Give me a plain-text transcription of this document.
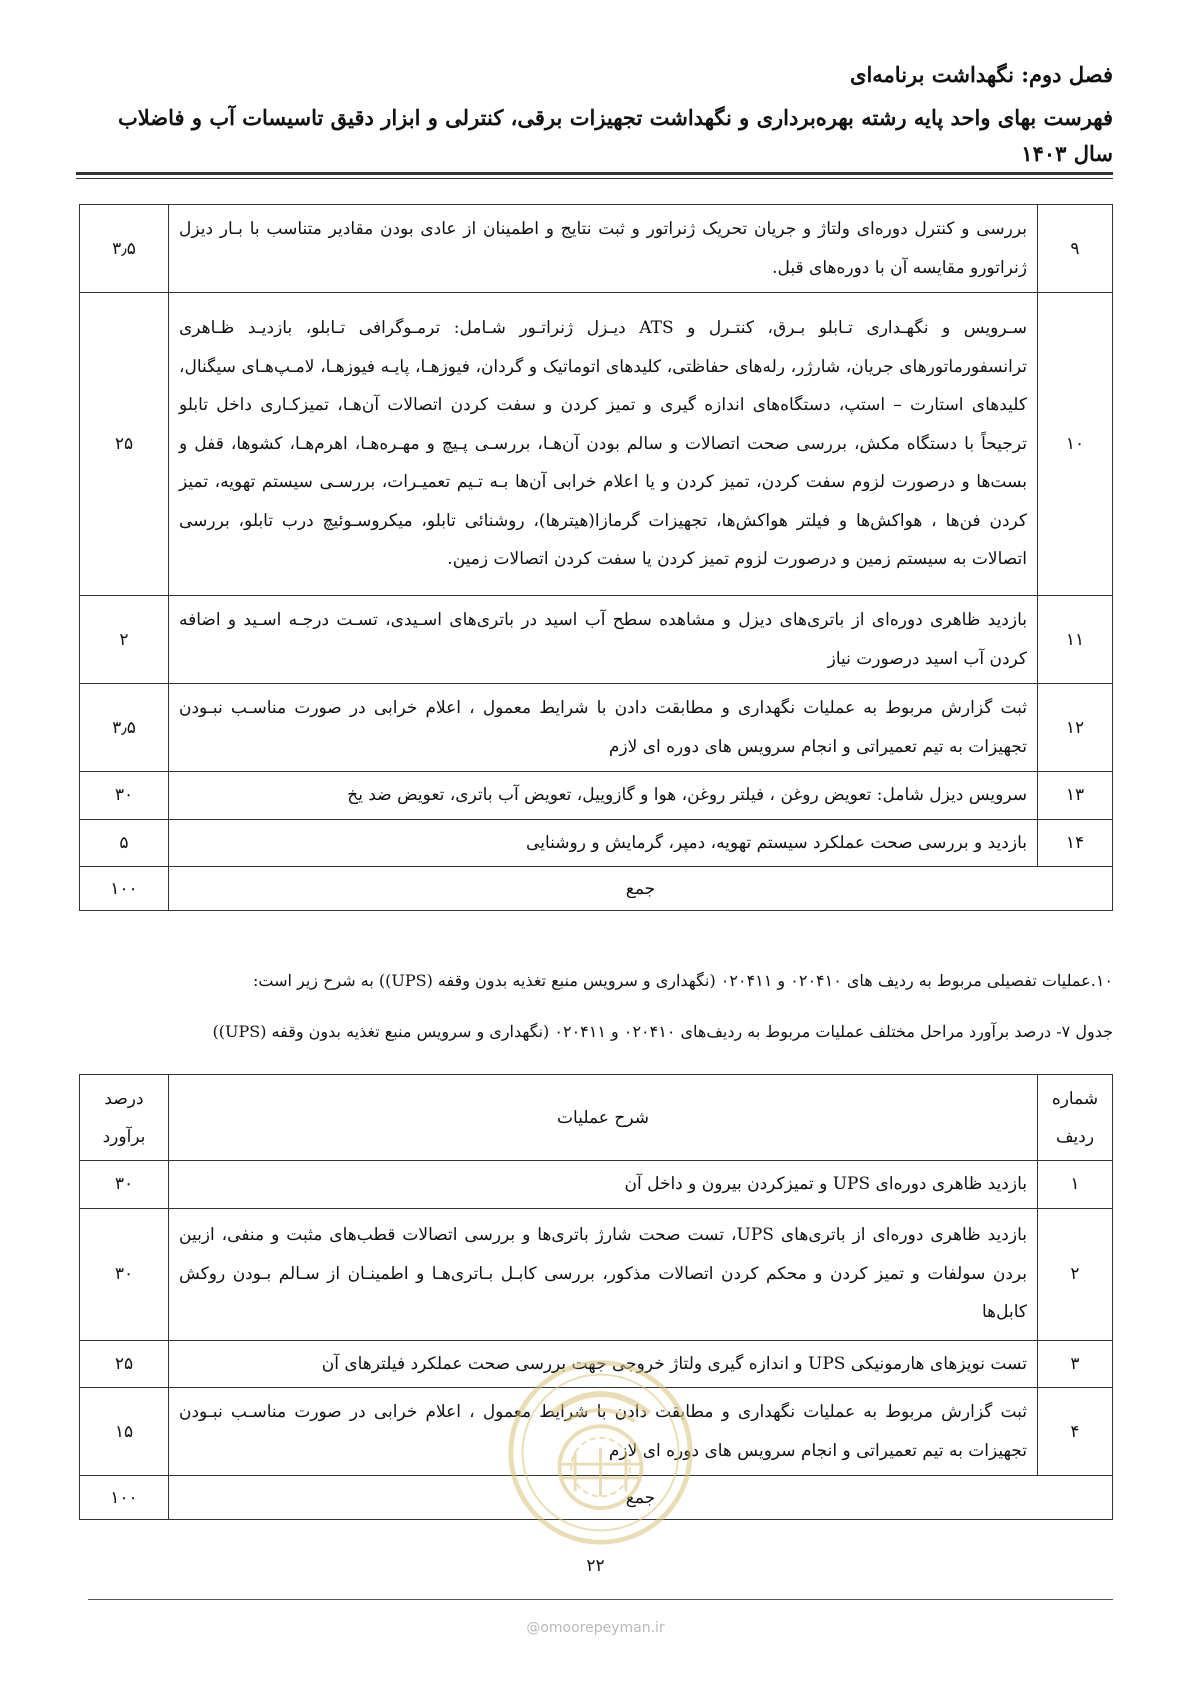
فصل دوم: نگهداشت برنامه‌ای
فهرست بهای واحد پایه رشته بهره‌برداری و نگهداشت تجهیزات برقی، کنترلی و ابزار دقیق تاسیسات آب و فاضلاب سال ۱۴۰۳
۹	بررسی و کنترل دوره‌ای ولتاژ و جریان تحریک ژنراتور و ثبت نتایج و اطمینان از عادی بودن مقادیر متناسب با بـار دیزل ژنراتورو مقایسه آن با دوره‌های قبل.	۳٫۵
۱۰	سـرویس و نگهـداری تـابلو بـرق، کنتـرل و ATS دیـزل ژنراتـور شـامل: ترمـوگرافی تـابلو، بازدیـد ظـاهری ترانسفورماتورهای جریان، شارژر، رله‌های حفاظتی، کلیدهای اتوماتیک و گردان، فیوزهـا، پایـه فیوزهـا، لامـپ‌هـای سیگنال، کلیدهای استارت – استپ، دستگاه‌های اندازه گیری و تمیز کردن و سفت کردن اتصالات آن‌هـا، تمیزکـاری داخل تابلو ترجیحاً با دستگاه مکش، بررسی صحت اتصالات و سالم بودن آن‌هـا، بررسـی پـیچ و مهـره‌هـا، اهرم‌هـا، کشوها، قفل و بست‌ها و درصورت لزوم سفت کردن، تمیز کردن و یا اعلام خرابی آن‌ها بـه تـیم تعمیـرات، بررسـی سیستم تهویه، تمیز کردن فن‌ها ، هواکش‌ها و فیلتر هواکش‌ها، تجهیزات گرمازا(هیترها)، روشنائی تابلو، میکروسـوئیچ درب تابلو، بررسی اتصالات به سیستم زمین و درصورت لزوم تمیز کردن یا سفت کردن اتصالات زمین.	۲۵
۱۱	بازدید ظاهری دوره‌ای از باتری‌های دیزل و مشاهده سطح آب اسید در باتری‌های اسـیدی، تسـت درجـه اسـید و اضافه کردن آب اسید درصورت نیاز	۲
۱۲	ثبت گزارش مربوط به عملیات نگهداری و مطابقت دادن با شرایط معمول ، اعلام خرابی در صورت مناسـب نبـودن تجهیزات به تیم تعمیراتی و انجام سرویس های دوره ای لازم	۳٫۵
۱۳	سرویس دیزل شامل: تعویض روغن ، فیلتر روغن، هوا و گازوییل، تعویض آب باتری، تعویض ضد یخ	۳۰
۱۴	بازدید و بررسی صحت عملکرد سیستم تهویه، دمپر، گرمایش و روشنایی	۵
جمع		۱۰۰
۱۰.عملیات تفصیلی مربوط به ردیف های ۰۲۰۴۱۰ و ۰۲۰۴۱۱ (نگهداری و سرویس منبع تغذیه بدون وقفه (UPS)) به شرح زیر است:
جدول ۷- درصد برآورد مراحل مختلف عملیات مربوط به ردیف‌های ۰۲۰۴۱۰ و ۰۲۰۴۱۱ (نگهداری و سرویس منبع تغذیه بدون وقفه (UPS))
شماره
ردیف	شرح عملیات	درصد
برآورد
۱	بازدید ظاهری دوره‌ای UPS و تمیزکردن بیرون و داخل آن	۳۰
۲	بازدید ظاهری دوره‌ای از باتری‌های UPS، تست صحت شارژ باتری‌ها و بررسی اتصالات قطب‌های مثبت و منفی، ازبین بردن سولفات و تمیز کردن و محکم کردن اتصالات مذکور، بررسی کابـل بـاتری‌هـا و اطمینـان از سـالم بـودن روکش کابل‌ها	۳۰
۳	تست نویزهای هارمونیکی UPS و اندازه گیری ولتاژ خروجی جهت بررسی صحت عملکرد فیلترهای آن	۲۵
۴	ثبت گزارش مربوط به عملیات نگهداری و مطابقت دادن با شرایط معمول ، اعلام خرابی در صورت مناسـب نبـودن تجهیزات به تیم تعمیراتی و انجام سرویس های دوره ای لازم	۱۵
جمع		۱۰۰
۲۲
@omoorepeyman.ir
